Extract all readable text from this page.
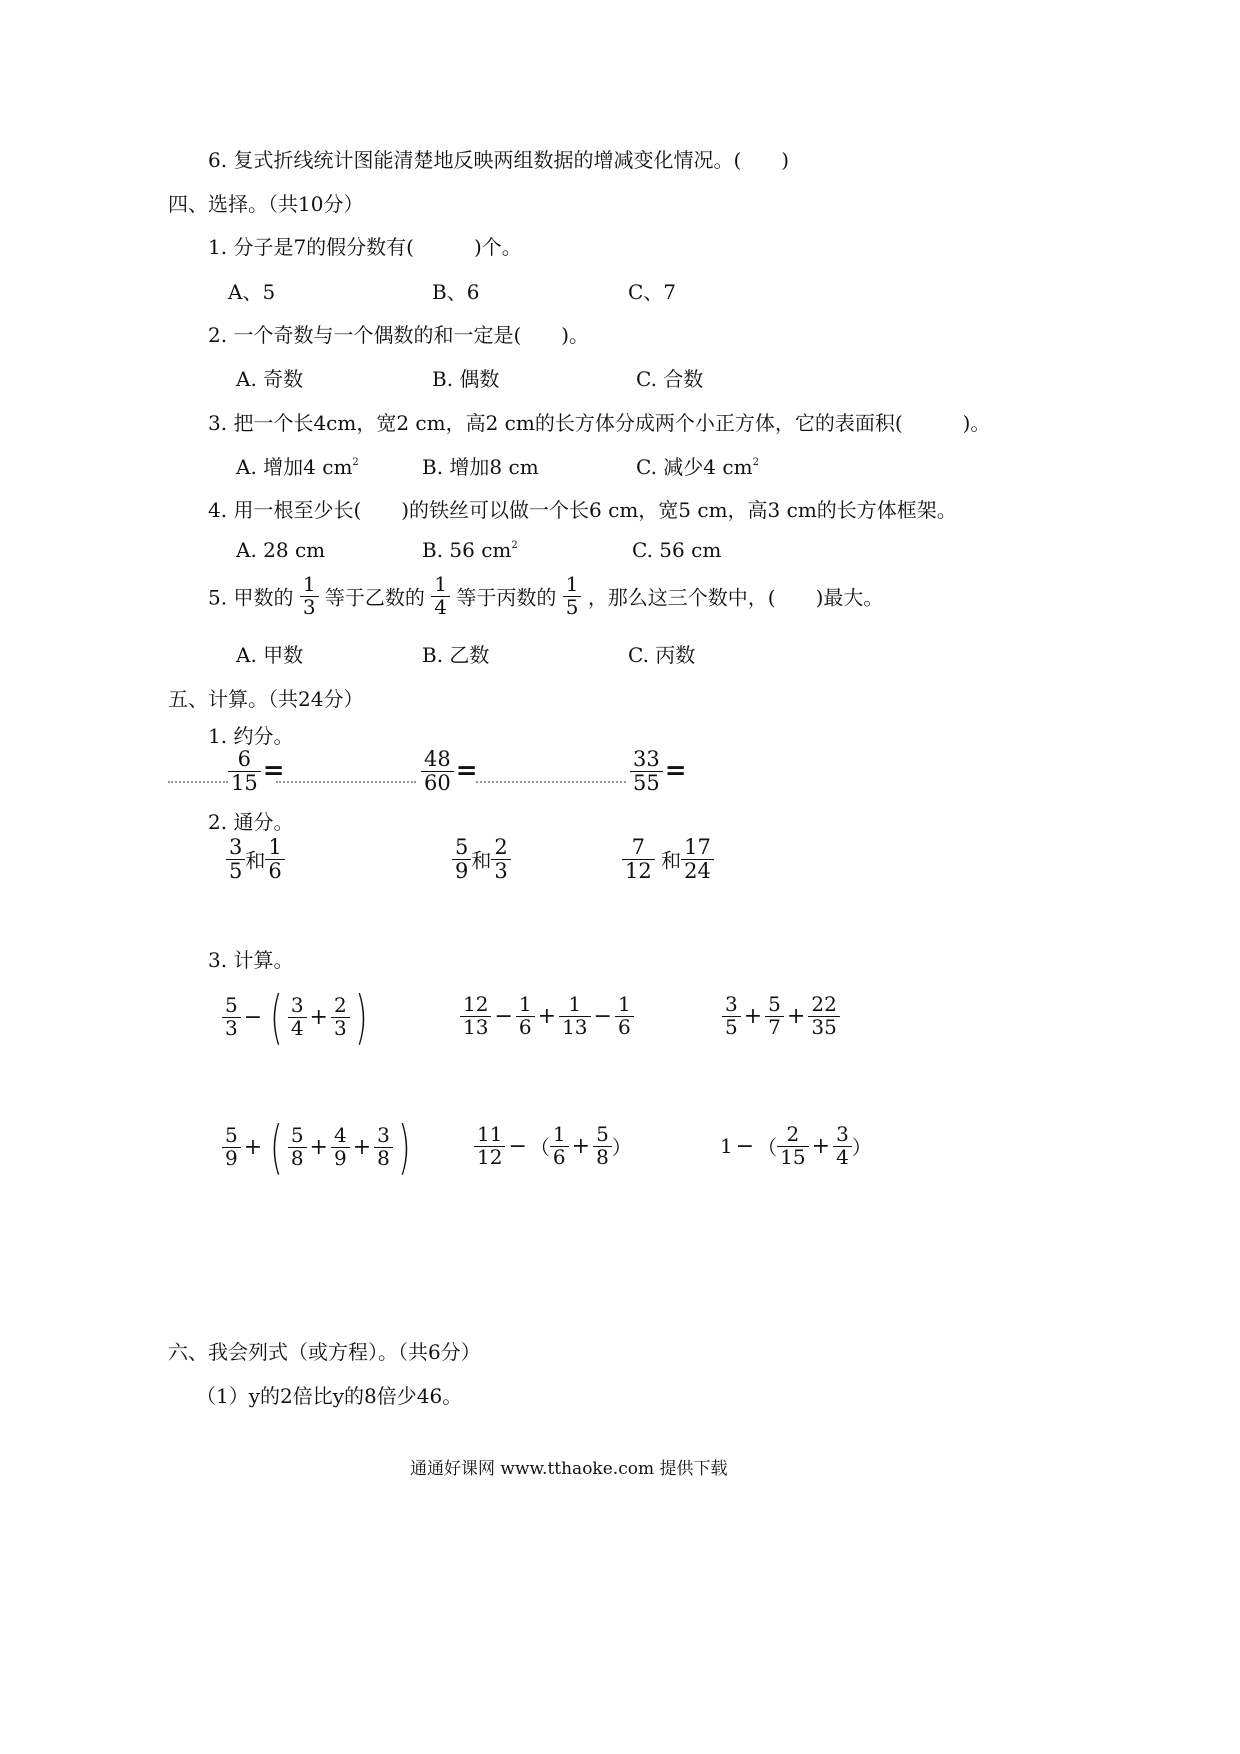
6. 复式折线统计图能清楚地反映两组数据的增减变化情况。(　　)
四、选择。（共10分）
1. 分子是7的假分数有(　　　)个。
A、5	B、6	C、7
2. 一个奇数与一个偶数的和一定是(　　)。
A. 奇数	B. 偶数	C. 合数
3. 把一个长4cm，宽2 cm，高2 cm的长方体分成两个小正方体，它的表面积(　　　)。
A. 增加4 $cm^2$	B. 增加8 cm	C. 减少4 $cm^2$
4. 用一根至少长(　　)的铁丝可以做一个长6 cm，宽5 cm，高3 cm的长方体框架。
A. 28 cm	B. 56 $cm^2$	C. 56 cm
5. 甲数的 $\frac{1}{3}$ 等于乙数的 $\frac{1}{4}$ 等于丙数的 $\frac{1}{5}$ ，那么这三个数中，(　　)最大。
A. 甲数	B. 乙数	C. 丙数
五、计算。（共24分）
1. 约分。
$\frac{6}{15}$ =	$\frac{48}{60}$ =	$\frac{33}{55}$ =
2. 通分。
$\frac{3}{5}$ 和 $\frac{1}{6}$	$\frac{5}{9}$ 和 $\frac{2}{3}$	$\frac{7}{12}$ 和 $\frac{17}{24}$
3. 计算。
$\frac{5}{3}$ − ( $\frac{3}{4} + \frac{2}{3}$ )	$\frac{12}{13} - \frac{1}{6} + \frac{1}{13} - \frac{1}{6}$	$\frac{3}{5} + \frac{5}{7} + \frac{22}{35}$
$\frac{5}{9}$ + ( $\frac{5}{8} + \frac{4}{9} + \frac{3}{8}$ )	$\frac{11}{12}$ − （ $\frac{1}{6} + \frac{5}{8}$ ）	1 − （ $\frac{2}{15} + \frac{3}{4}$ ）
六、我会列式（或方程）。（共6分）
（1）y的2倍比y的8倍少46。
通通好课网 www.tthaoke.com 提供下载
